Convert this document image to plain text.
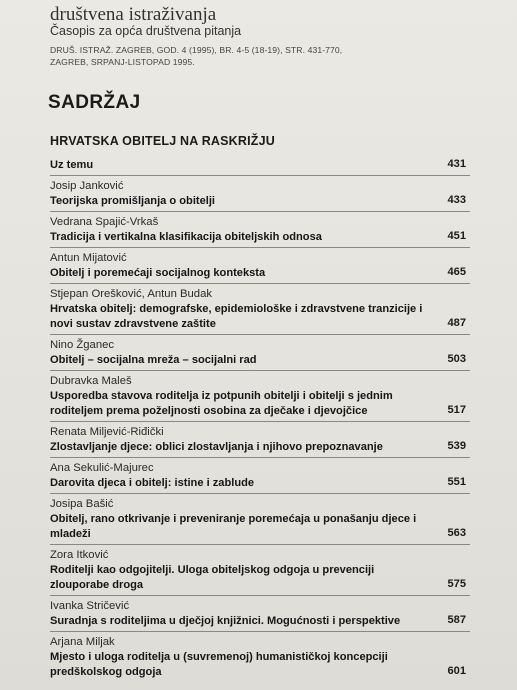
društvena istraživanja
Časopis za opća društvena pitanja
DRUŠ. ISTRAŽ. ZAGREB, GOD. 4 (1995), BR. 4-5 (18-19), STR. 431-770,
ZAGREB, SRPANJ-LISTOPAD 1995.
SADRŽAJ
HRVATSKA OBITELJ NA RASKRIŽJU
Uz temu	431
Josip Janković
Teorijska promišljanja o obitelji	433
Vedrana Spajić-Vrkaš
Tradicija i vertikalna klasifikacija obiteljskih odnosa	451
Antun Mijatović
Obitelj i poremećaji socijalnog konteksta	465
Stjepan Orešković, Antun Budak
Hrvatska obitelj: demografske, epidemiološke i zdravstvene tranzicije i novi sustav zdravstvene zaštite	487
Nino Žganec
Obitelj – socijalna mreža – socijalni rad	503
Dubravka Maleš
Usporedba stavova roditelja iz potpunih obitelji i obitelji s jednim roditeljem prema poželjnosti osobina za dječake i djevojčice	517
Renata Miljević-Riđički
Zlostavljanje djece: oblici zlostavljanja i njihovo prepoznavanje	539
Ana Sekulić-Majurec
Darovita djeca i obitelj: istine i zablude	551
Josipa Bašić
Obitelj, rano otkrivanje i preveniranje poremećaja u ponašanju djece i mladeži	563
Zora Itković
Roditelji kao odgojitelji. Uloga obiteljskog odgoja u prevenciji zlouporabe droga	575
Ivanka Stričević
Suradnja s roditeljima u dječjoj knjižnici. Mogućnosti i perspektive	587
Arjana Miljak
Mjesto i uloga roditelja u (suvremenoj) humanističkoj koncepciji predškolskog odgoja	601
